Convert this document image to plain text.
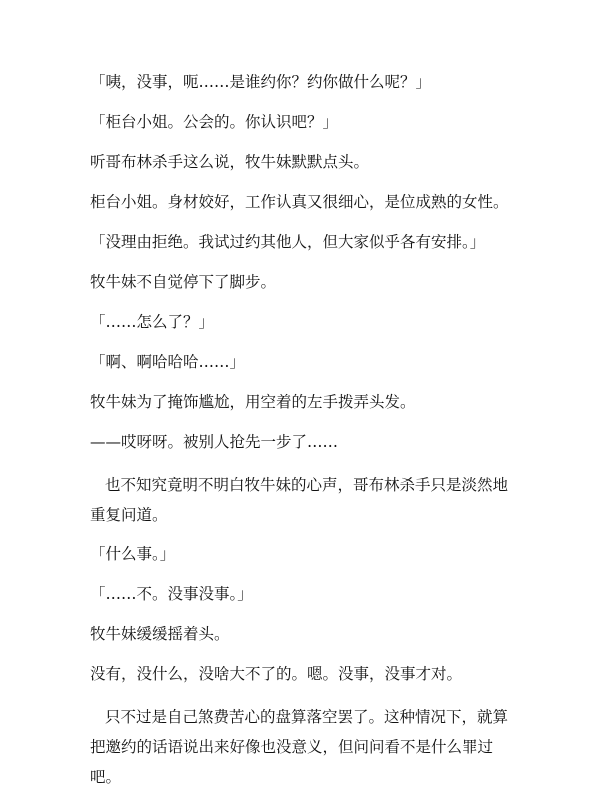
「咦，没事，呃……是谁约你？约你做什么呢？」

「柜台小姐。公会的。你认识吧？」

听哥布林杀手这么说，牧牛妹默默点头。

柜台小姐。身材姣好，工作认真又很细心，是位成熟的女性。

「没理由拒绝。我试过约其他人，但大家似乎各有安排。」

牧牛妹不自觉停下了脚步。

「……怎么了？」

「啊、啊哈哈哈……」

牧牛妹为了掩饰尴尬，用空着的左手拨弄头发。

——哎呀呀。被别人抢先一步了……

也不知究竟明不明白牧牛妹的心声，哥布林杀手只是淡然地重复问道。

「什么事。」

「……不。没事没事。」

牧牛妹缓缓摇着头。

没有，没什么，没啥大不了的。嗯。没事，没事才对。

只不过是自己煞费苦心的盘算落空罢了。这种情况下，就算把邀约的话语说出来好像也没意义，但问问看不是什么罪过吧。
